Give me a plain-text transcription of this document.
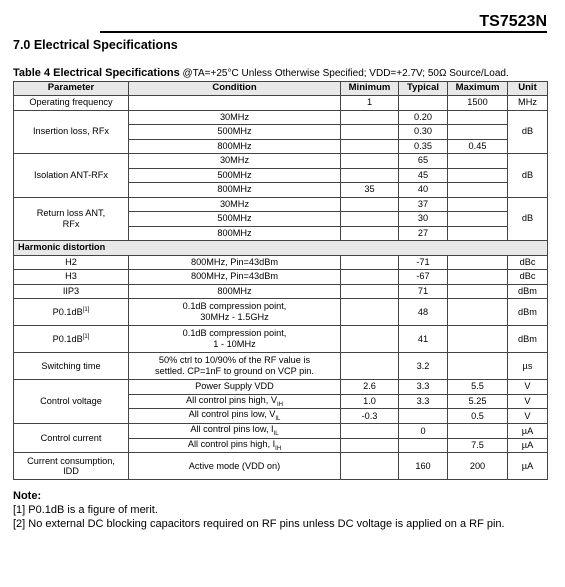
TS7523N
7.0 Electrical Specifications
Table 4 Electrical Specifications @TA=+25°C Unless Otherwise Specified; VDD=+2.7V; 50Ω Source/Load.
Parameter	Condition	Minimum	Typical	Maximum	Unit
Operating frequency		1		1500	MHz
Insertion loss, RFx	30MHz		0.20		dB
	500MHz		0.30		
	800MHz		0.35	0.45	
Isolation ANT-RFx	30MHz		65		dB
	500MHz		45		
	800MHz	35	40		
Return loss ANT,
RFx	30MHz		37		dB
	500MHz		30		
	800MHz		27		
Harmonic distortion					
H2	800MHz, Pin=43dBm		-71		dBc
H3	800MHz, Pin=43dBm		-67		dBc
IIP3	800MHz		71		dBm
P0.1dB[1]	0.1dB compression point,
30MHz - 1.5GHz		48		dBm
P0.1dB[1]	0.1dB compression point,
1 - 10MHz		41		dBm
Switching time	50% ctrl to 10/90% of the RF value is
settled. CP=1nF to ground on VCP pin.		3.2		µs
Control voltage	Power Supply VDD	2.6	3.3	5.5	V
	All control pins high, $V_{IH}$	1.0	3.3	5.25	V
	All control pins low, $V_{IL}$	-0.3		0.5	V
Control current	All control pins low, $I_{IL}$		0		µA
	All control pins high, $I_{IH}$			7.5	µA
Current consumption,
IDD	Active mode (VDD on)		160	200	µA
Note:
[1] P0.1dB is a figure of merit.
[2] No external DC blocking capacitors required on RF pins unless DC voltage is applied on a RF pin.
